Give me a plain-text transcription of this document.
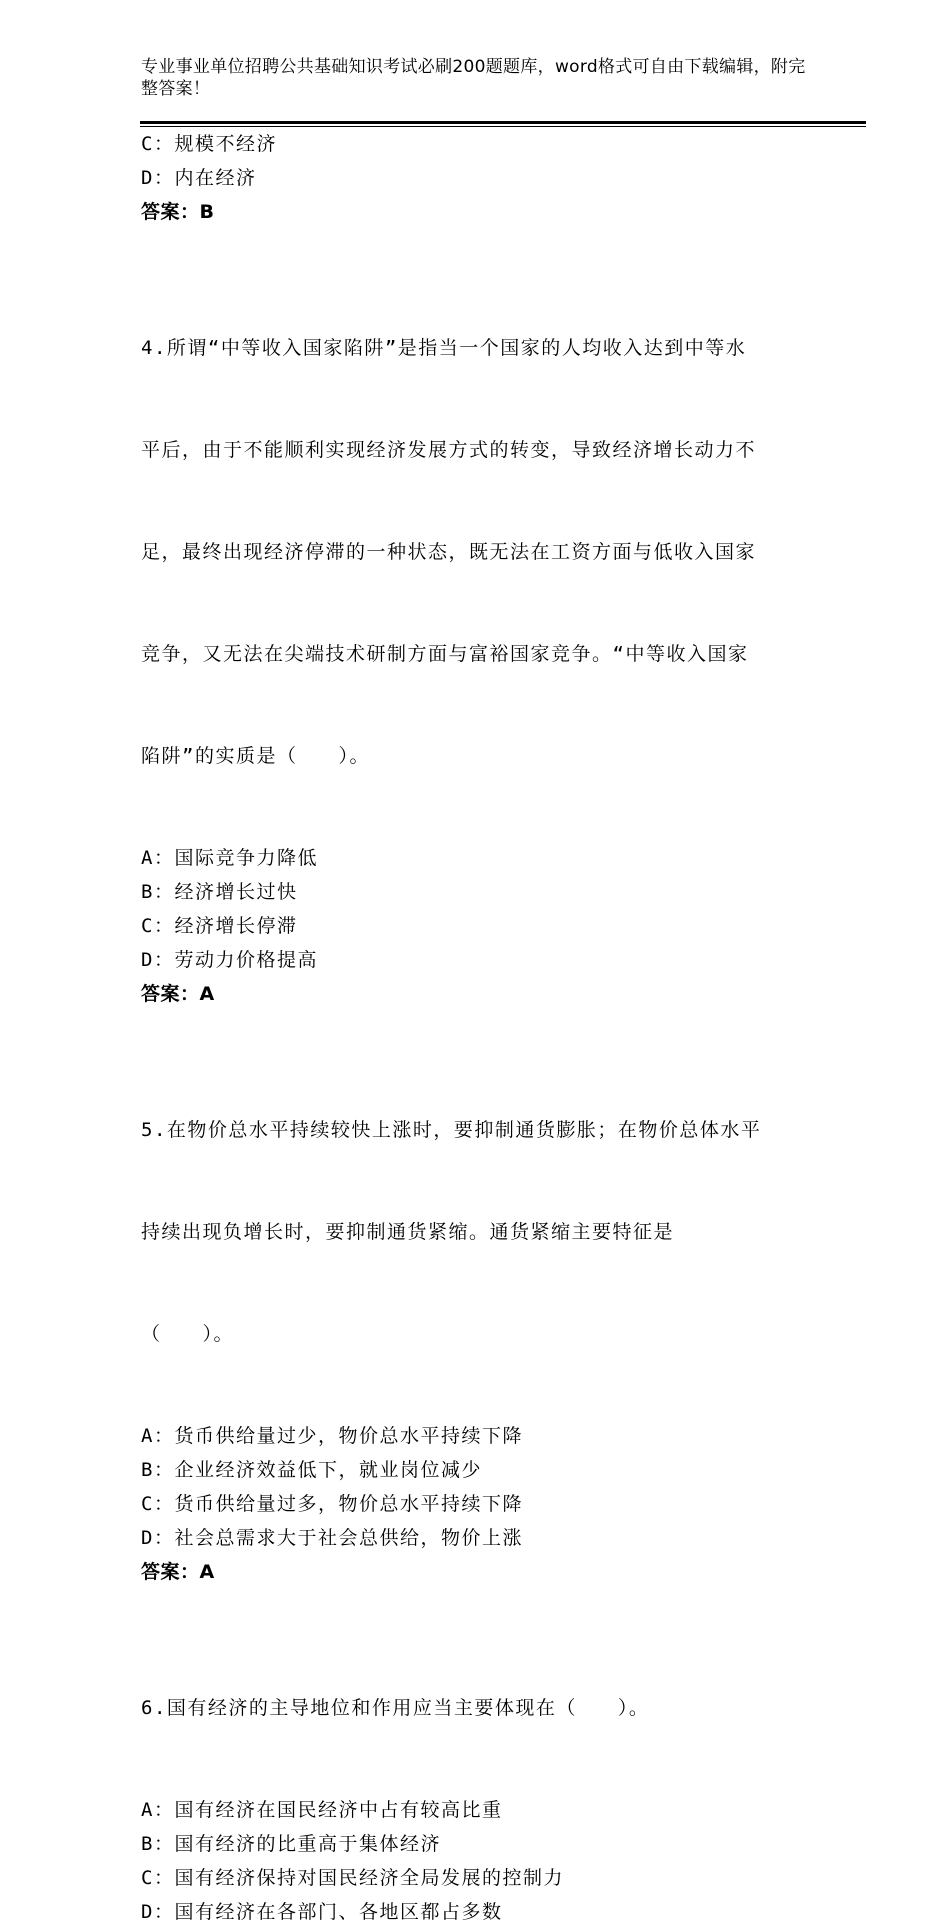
专业事业单位招聘公共基础知识考试必刷200题题库，word格式可自由下载编辑，附完整答案！
C：规模不经济
D：内在经济
答案：B

4.所谓“中等收入国家陷阱”是指当一个国家的人均收入达到中等水

平后，由于不能顺利实现经济发展方式的转变，导致经济增长动力不

足，最终出现经济停滞的一种状态，既无法在工资方面与低收入国家

竞争，又无法在尖端技术研制方面与富裕国家竞争。“中等收入国家

陷阱”的实质是（　　）。

A：国际竞争力降低
B：经济增长过快
C：经济增长停滞
D：劳动力价格提高
答案：A

5.在物价总水平持续较快上涨时，要抑制通货膨胀；在物价总体水平

持续出现负增长时，要抑制通货紧缩。通货紧缩主要特征是

（　　）。

A：货币供给量过少，物价总水平持续下降
B：企业经济效益低下，就业岗位减少
C：货币供给量过多，物价总水平持续下降
D：社会总需求大于社会总供给，物价上涨
答案：A

6.国有经济的主导地位和作用应当主要体现在（　　）。

A：国有经济在国民经济中占有较高比重
B：国有经济的比重高于集体经济
C：国有经济保持对国民经济全局发展的控制力
D：国有经济在各部门、各地区都占多数
